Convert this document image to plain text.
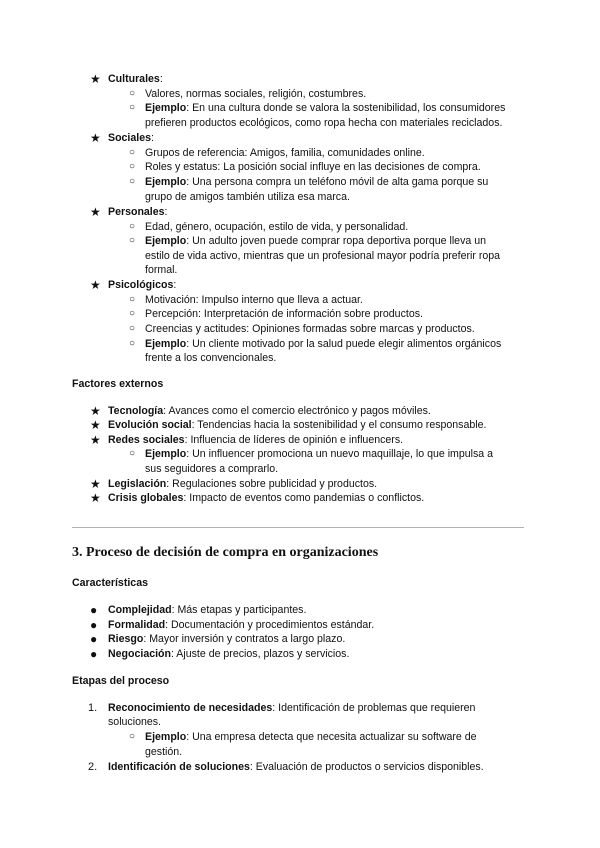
★ Culturales:
○ Valores, normas sociales, religión, costumbres.
○ Ejemplo: En una cultura donde se valora la sostenibilidad, los consumidores
prefieren productos ecológicos, como ropa hecha con materiales reciclados.
★ Sociales:
○ Grupos de referencia: Amigos, familia, comunidades online.
○ Roles y estatus: La posición social influye en las decisiones de compra.
○ Ejemplo: Una persona compra un teléfono móvil de alta gama porque su
grupo de amigos también utiliza esa marca.
★ Personales:
○ Edad, género, ocupación, estilo de vida, y personalidad.
○ Ejemplo: Un adulto joven puede comprar ropa deportiva porque lleva un
estilo de vida activo, mientras que un profesional mayor podría preferir ropa
formal.
★ Psicológicos:
○ Motivación: Impulso interno que lleva a actuar.
○ Percepción: Interpretación de información sobre productos.
○ Creencias y actitudes: Opiniones formadas sobre marcas y productos.
○ Ejemplo: Un cliente motivado por la salud puede elegir alimentos orgánicos
frente a los convencionales.
Factores externos
★ Tecnología: Avances como el comercio electrónico y pagos móviles.
★ Evolución social: Tendencias hacia la sostenibilidad y el consumo responsable.
★ Redes sociales: Influencia de líderes de opinión e influencers.
○ Ejemplo: Un influencer promociona un nuevo maquillaje, lo que impulsa a
sus seguidores a comprarlo.
★ Legislación: Regulaciones sobre publicidad y productos.
★ Crisis globales: Impacto de eventos como pandemias o conflictos.
3. Proceso de decisión de compra en organizaciones
Características
● Complejidad: Más etapas y participantes.
● Formalidad: Documentación y procedimientos estándar.
● Riesgo: Mayor inversión y contratos a largo plazo.
● Negociación: Ajuste de precios, plazos y servicios.
Etapas del proceso
1. Reconocimiento de necesidades: Identificación de problemas que requieren
soluciones.
○ Ejemplo: Una empresa detecta que necesita actualizar su software de
gestión.
2. Identificación de soluciones: Evaluación de productos o servicios disponibles.
